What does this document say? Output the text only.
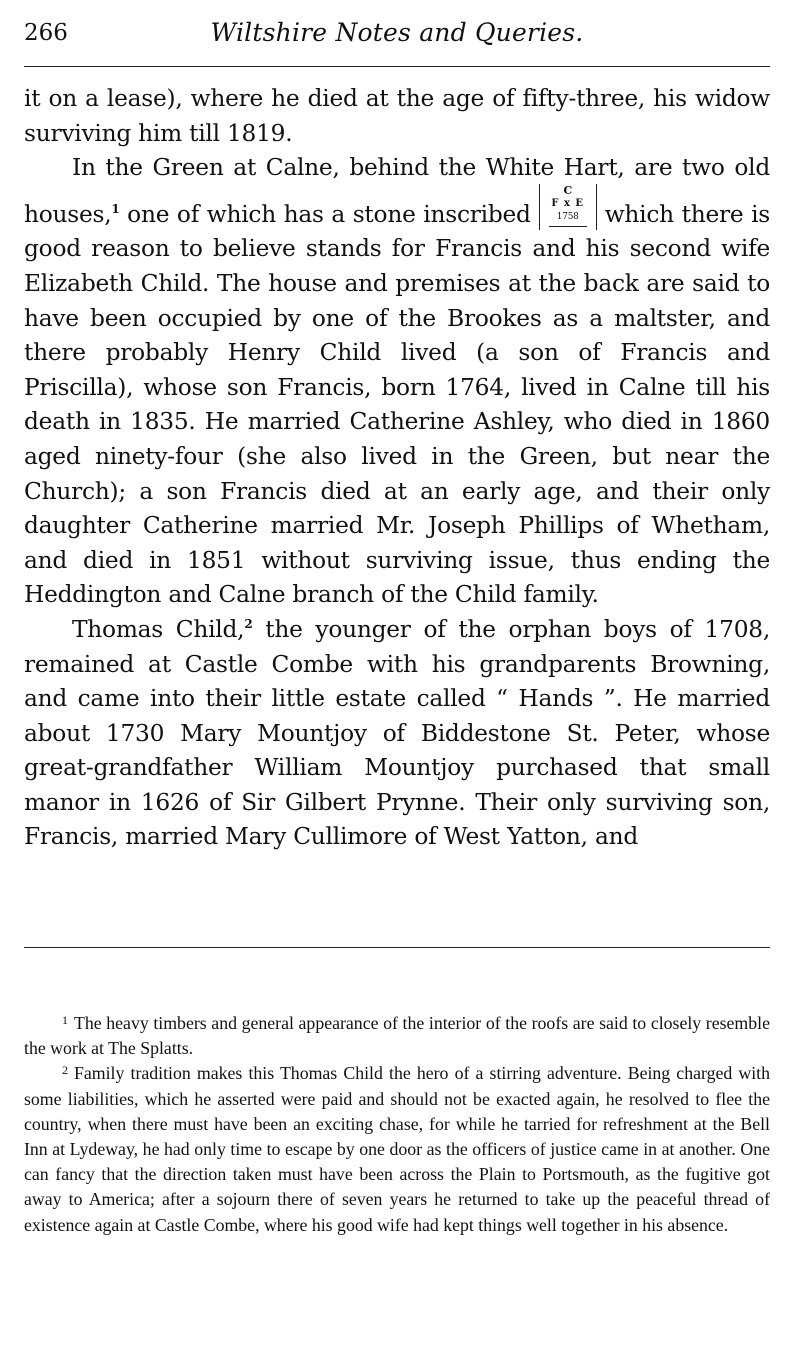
266	Wiltshire Notes and Queries.

it on a lease), where he died at the age of fifty-three, his widow surviving him till 1819.

In the Green at Calne, behind the White Hart, are two old houses,$^1$ one of which has a stone inscribed
C
F x E
1758	which there is good reason to believe stands for Francis and his second wife Elizabeth Child. The house and premises at the back are said to have been occupied by one of the Brookes as a maltster, and there probably Henry Child lived (a son of Francis and Priscilla), whose son Francis, born 1764, lived in Calne till his death in 1835. He married Catherine Ashley, who died in 1860 aged ninety-four (she also lived in the Green, but near the Church); a son Francis died at an early age, and their only daughter Catherine married Mr. Joseph Phillips of Whetham, and died in 1851 without surviving issue, thus ending the Heddington and Calne branch of the Child family.

Thomas Child,$^2$ the younger of the orphan boys of 1708, remained at Castle Combe with his grandparents Browning, and came into their little estate called “ Hands ”. He married about 1730 Mary Mountjoy of Biddestone St. Peter, whose great-grandfather William Mountjoy purchased that small manor in 1626 of Sir Gilbert Prynne. Their only surviving son, Francis, married Mary Cullimore of West Yatton, and

$^1$ The heavy timbers and general appearance of the interior of the roofs are said to closely resemble the work at The Splatts.

$^2$ Family tradition makes this Thomas Child the hero of a stirring adventure. Being charged with some liabilities, which he asserted were paid and should not be exacted again, he resolved to flee the country, when there must have been an exciting chase, for while he tarried for refreshment at the Bell Inn at Lydeway, he had only time to escape by one door as the officers of justice came in at another. One can fancy that the direction taken must have been across the Plain to Portsmouth, as the fugitive got away to America; after a sojourn there of seven years he returned to take up the peaceful thread of existence again at Castle Combe, where his good wife had kept things well together in his absence.
